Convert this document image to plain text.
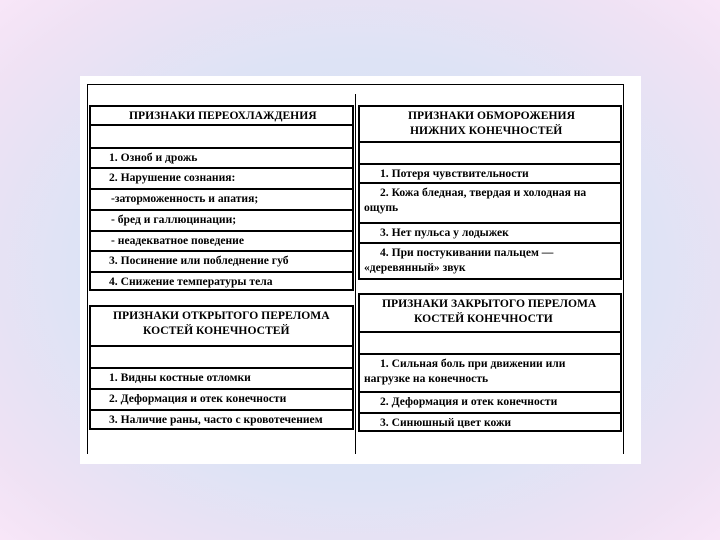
ПРИЗНАКИ ПЕРЕОХЛАЖДЕНИЯ
1. Озноб и дрожь
2. Нарушение сознания:
-заторможенность и апатия;
- бред и галлюцинации;
- неадекватное поведение
3. Посинение или побледнение губ
4. Снижение температуры тела
ПРИЗНАКИ ОТКРЫТОГО ПЕРЕЛОМА
КОСТЕЙ КОНЕЧНОСТЕЙ
1. Видны костные отломки
2. Деформация и отек конечности
3. Наличие раны, часто с кровотечением
ПРИЗНАКИ ОБМОРОЖЕНИЯ
НИЖНИХ КОНЕЧНОСТЕЙ
1. Потеря чувствительности
2. Кожа бледная, твердая и холодная на
ощупь
3. Нет пульса у лодыжек
4. При постукивании пальцем —
«деревянный» звук
ПРИЗНАКИ ЗАКРЫТОГО ПЕРЕЛОМА
КОСТЕЙ КОНЕЧНОСТИ
1. Сильная боль при движении или
нагрузке на конечность
2. Деформация и отек конечности
3. Синюшный цвет кожи
